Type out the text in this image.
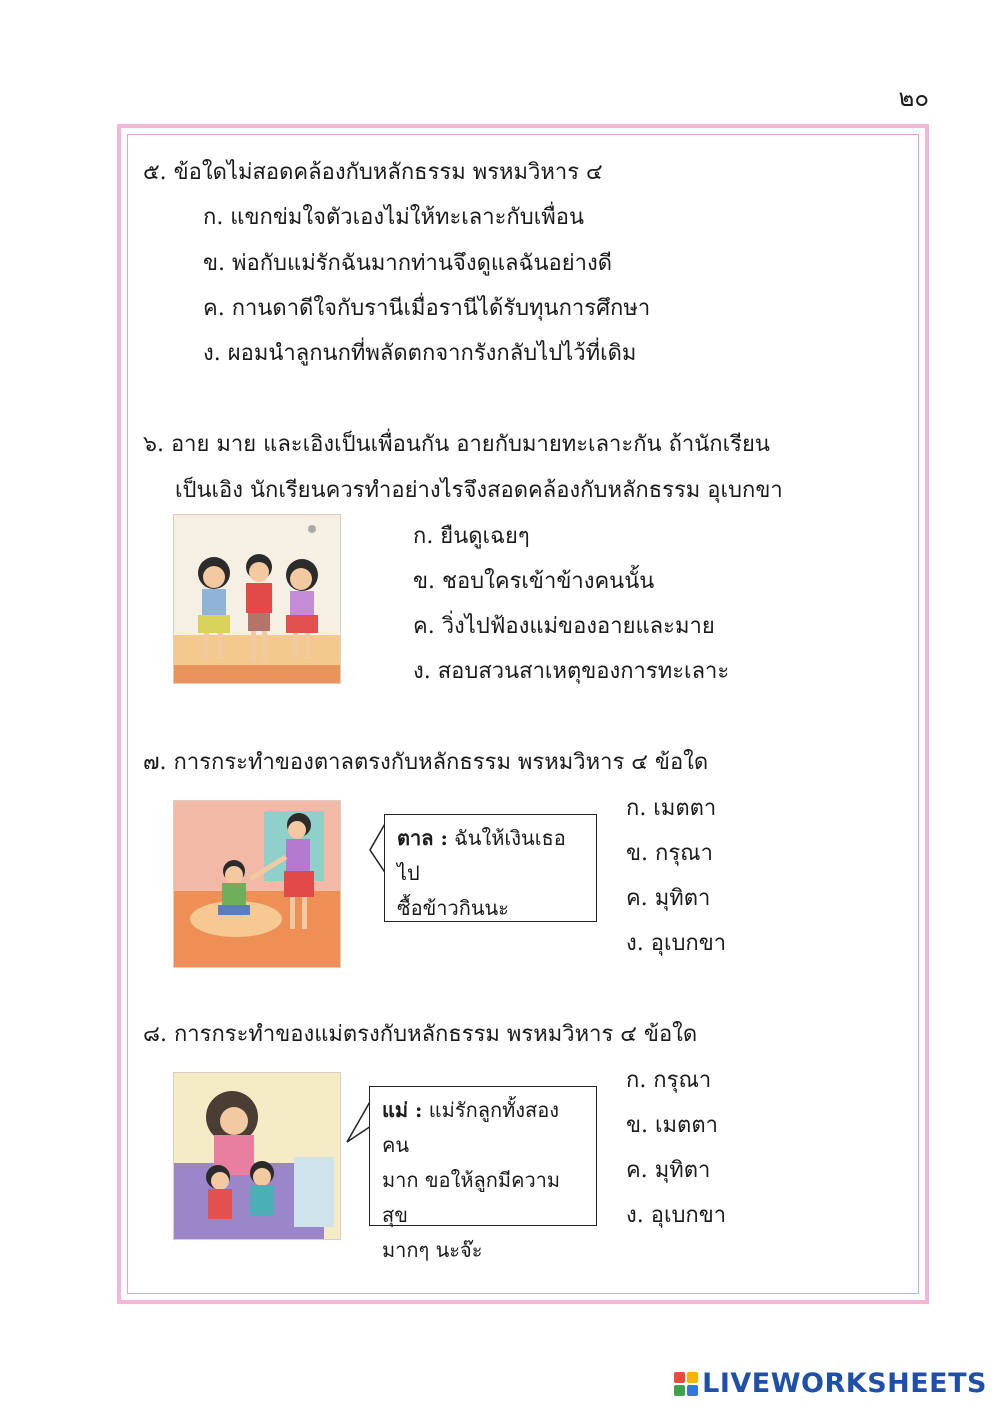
๒๐
๕. ข้อใดไม่สอดคล้องกับหลักธรรม พรหมวิหาร ๔
ก. แขกข่มใจตัวเองไม่ให้ทะเลาะกับเพื่อน
ข. พ่อกับแม่รักฉันมากท่านจึงดูแลฉันอย่างดี
ค. กานดาดีใจกับรานีเมื่อรานีได้รับทุนการศึกษา
ง. ผอมนำลูกนกที่พลัดตกจากรังกลับไปไว้ที่เดิม
๖. อาย มาย และเอิงเป็นเพื่อนกัน อายกับมายทะเลาะกัน ถ้านักเรียน
เป็นเอิง นักเรียนควรทำอย่างไรจึงสอดคล้องกับหลักธรรม อุเบกขา
ก. ยืนดูเฉยๆ
ข. ชอบใครเข้าข้างคนนั้น
ค. วิ่งไปฟ้องแม่ของอายและมาย
ง. สอบสวนสาเหตุของการทะเลาะ
๗. การกระทำของตาลตรงกับหลักธรรม พรหมวิหาร ๔ ข้อใด
ตาล : ฉันให้เงินเธอไป
ซื้อข้าวกินนะ
ก. เมตตา
ข. กรุณา
ค. มุทิตา
ง. อุเบกขา
๘. การกระทำของแม่ตรงกับหลักธรรม พรหมวิหาร ๔ ข้อใด
แม่ : แม่รักลูกทั้งสองคน
มาก ขอให้ลูกมีความสุข
มากๆ นะจ๊ะ
ก. กรุณา
ข. เมตตา
ค. มุทิตา
ง. อุเบกขา
LIVEWORKSHEETS
